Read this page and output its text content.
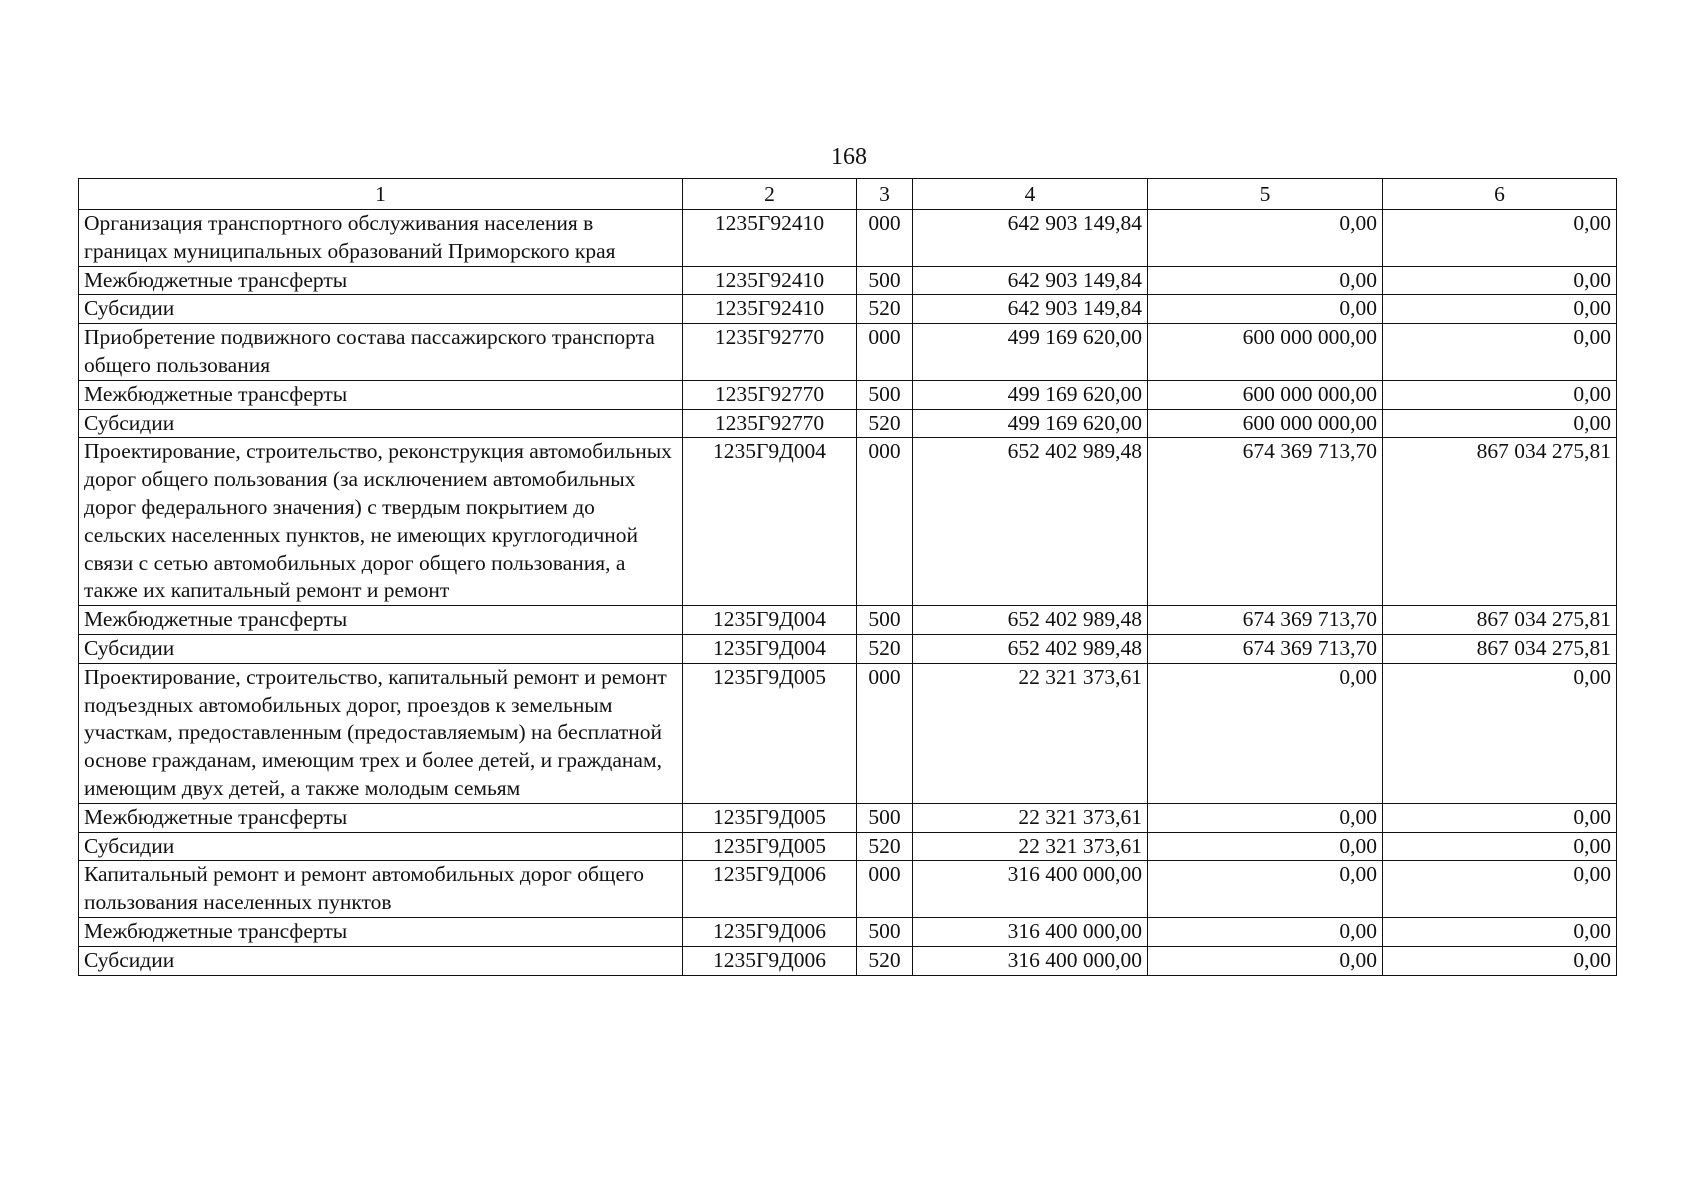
168
1	2	3	4	5	6
Организация транспортного обслуживания населения в границах муниципальных образований Приморского края	1235Г92410	000	642 903 149,84	0,00	0,00
Межбюджетные трансферты	1235Г92410	500	642 903 149,84	0,00	0,00
Субсидии	1235Г92410	520	642 903 149,84	0,00	0,00
Приобретение подвижного состава пассажирского транспорта общего пользования	1235Г92770	000	499 169 620,00	600 000 000,00	0,00
Межбюджетные трансферты	1235Г92770	500	499 169 620,00	600 000 000,00	0,00
Субсидии	1235Г92770	520	499 169 620,00	600 000 000,00	0,00
Проектирование, строительство, реконструкция автомобильных дорог общего пользования (за исключением автомобильных дорог федерального значения) с твердым покрытием до сельских населенных пунктов, не имеющих круглогодичной связи с сетью автомобильных дорог общего пользования, а также их капитальный ремонт и ремонт	1235Г9Д004	000	652 402 989,48	674 369 713,70	867 034 275,81
Межбюджетные трансферты	1235Г9Д004	500	652 402 989,48	674 369 713,70	867 034 275,81
Субсидии	1235Г9Д004	520	652 402 989,48	674 369 713,70	867 034 275,81
Проектирование, строительство, капитальный ремонт и ремонт подъездных автомобильных дорог, проездов к земельным участкам, предоставленным (предоставляемым) на бесплатной основе гражданам, имеющим трех и более детей, и гражданам, имеющим двух детей, а также молодым семьям	1235Г9Д005	000	22 321 373,61	0,00	0,00
Межбюджетные трансферты	1235Г9Д005	500	22 321 373,61	0,00	0,00
Субсидии	1235Г9Д005	520	22 321 373,61	0,00	0,00
Капитальный ремонт и ремонт автомобильных дорог общего пользования населенных пунктов	1235Г9Д006	000	316 400 000,00	0,00	0,00
Межбюджетные трансферты	1235Г9Д006	500	316 400 000,00	0,00	0,00
Субсидии	1235Г9Д006	520	316 400 000,00	0,00	0,00
